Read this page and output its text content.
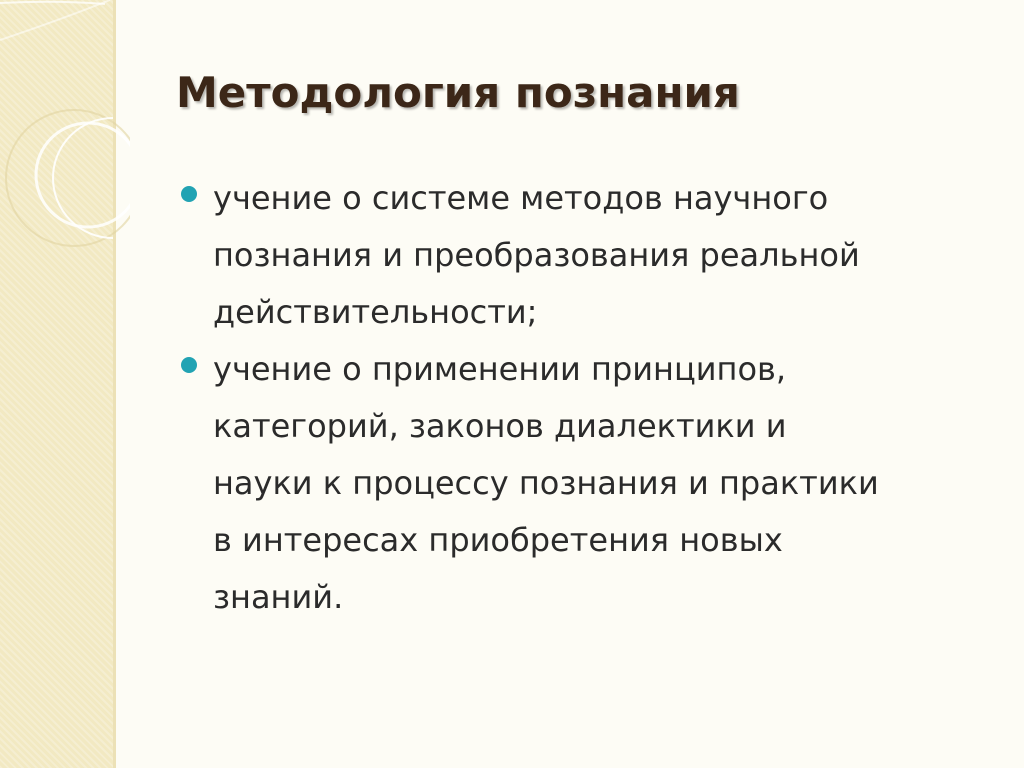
Методология познания
учение о системе методов научного
познания и преобразования реальной
действительности;
учение о применении принципов,
категорий, законов диалектики и
науки к процессу познания и практики
в интересах приобретения новых
знаний.
